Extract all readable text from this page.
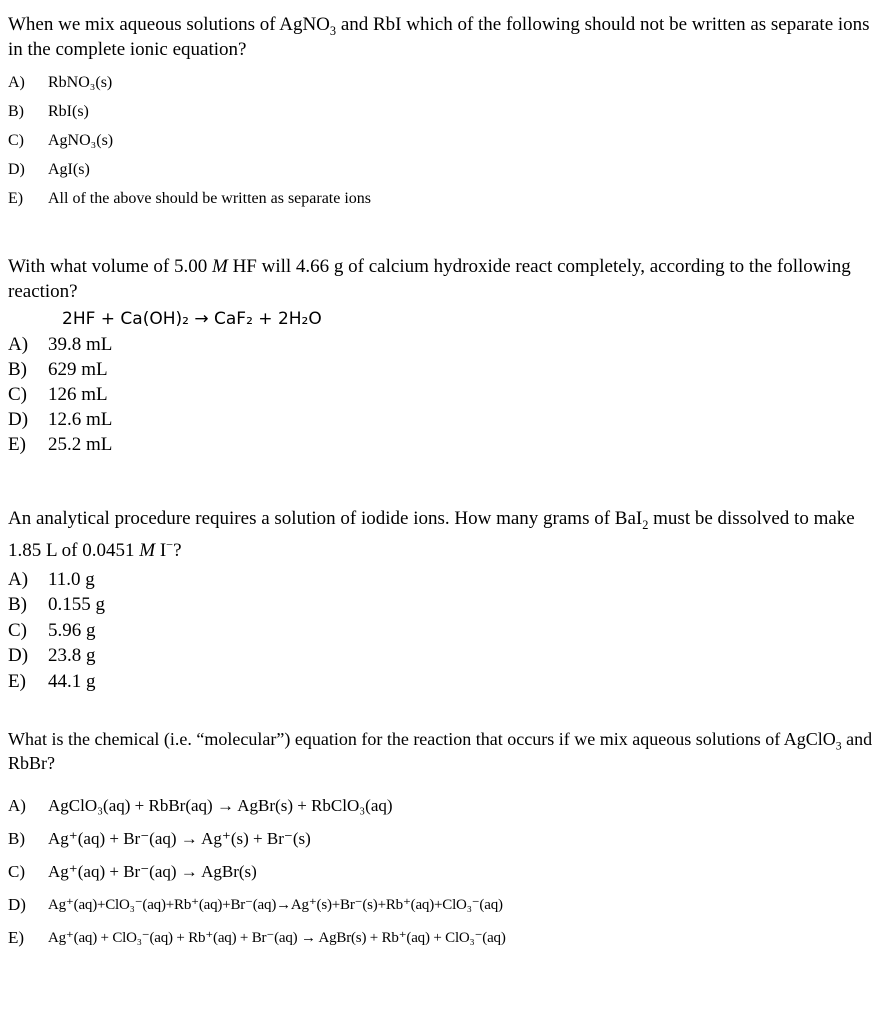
When we mix aqueous solutions of AgNO$_3$ and RbI which of the following should not be written as separate ions in the complete ionic equation?

A)	RbNO₃(s)
B)	RbI(s)
C)	AgNO₃(s)
D)	AgI(s)
E)	All of the above should be written as separate ions

With what volume of 5.00 M HF will 4.66 g of calcium hydroxide react completely, according to the following reaction?

2HF + Ca(OH)₂ → CaF₂ + 2H₂O
A)	39.8 mL
B)	629 mL
C)	126 mL
D)	12.6 mL
E)	25.2 mL

An analytical procedure requires a solution of iodide ions. How many grams of BaI$_2$ must be dissolved to make 1.85 L of 0.0451 M I−?

A)	11.0 g
B)	0.155 g
C)	5.96 g
D)	23.8 g
E)	44.1 g

What is the chemical (i.e. “molecular”) equation for the reaction that occurs if we mix aqueous solutions of AgClO$_3$ and RbBr?

A)	AgClO₃(aq) + RbBr(aq) → AgBr(s) + RbClO₃(aq)
B)	Ag⁺(aq) + Br⁻(aq) → Ag⁺(s) + Br⁻(s)
C)	Ag⁺(aq) + Br⁻(aq) → AgBr(s)
D)	Ag⁺(aq)+ClO₃⁻(aq)+Rb⁺(aq)+Br⁻(aq)→Ag⁺(s)+Br⁻(s)+Rb⁺(aq)+ClO₃⁻(aq)
E)	Ag⁺(aq) + ClO₃⁻(aq) + Rb⁺(aq) + Br⁻(aq) → AgBr(s) + Rb⁺(aq) + ClO₃⁻(aq)
